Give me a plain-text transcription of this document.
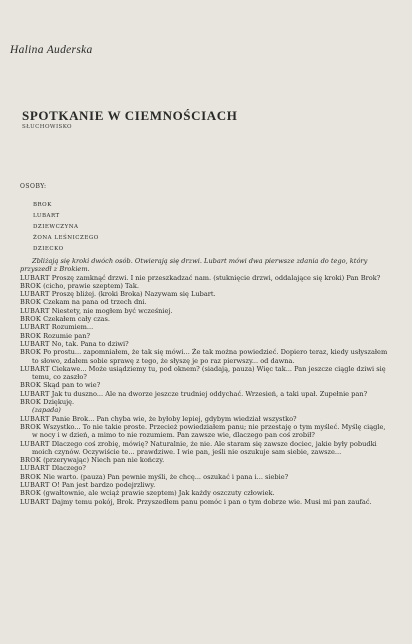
Halina Auderska
SPOTKANIE W CIEMNOŚCIACH
SŁUCHOWISKO
OSOBY:
BROK
LUBART
DZIEWCZYNA
ŻONA LEŚNICZEGO
DZIECKO

Zbliżają się kroki dwóch osób. Otwierają się drzwi. Lubart mówi dwa pierwsze zdania do tego, który przyszedł z Brokiem.

LUBART Proszę zamknąć drzwi. I nie przeszkadzać nam. (stuknięcie drzwi, oddalające się kroki) Pan Brok?

BROK (cicho, prawie szeptem) Tak.

LUBART Proszę bliżej. (kroki Broka) Nazywam się Lubart.

BROK Czekam na pana od trzech dni.

LUBART Niestety, nie mogłem być wcześniej.

BROK Czekałem cały czas.

LUBART Rozumiem...

BROK Rozumie pan?

LUBART No, tak. Pana to dziwi?

BROK Po prostu... zapomniałem, że tak się mówi... Że tak można powiedzieć. Dopiero teraz, kiedy usłyszałem to słowo, zdałem sobie sprawę z tego, że słyszę je po raz pierwszy... od dawna.

LUBART Ciekawe... Może usiądziemy tu, pod oknem? (siadają, pauza) Więc tak... Pan jeszcze ciągle dziwi się temu, co zaszło?

BROK Skąd pan to wie?

LUBART Jak tu duszno... Ale na dworze jeszcze trudniej oddychać. Wrzesień, a taki upał. Zupełnie pan?

BROK Dziękuję.

(zapada)

LUBART Panie Brok... Pan chyba wie, że byłoby lepiej, gdybym wiedział wszystko?

BROK Wszystko... To nie takie proste. Przecież powiedziałem panu; nie przestaję o tym myśleć. Myślę ciągle, w nocy i w dzień, a mimo to nie rozumiem. Pan zawsze wie, dlaczego pan coś zrobił?

LUBART Dlaczego coś zrobię, mówię? Naturalnie, że nie. Ale staram się zawsze dociec, jakie były pobudki moich czynów. Oczywiście te... prawdziwe. I wie pan, jeśli nie oszukuje sam siebie, zawsze...

BROK (przerywając) Niech pan nie kończy.

LUBART Dlaczego?

BROK Nie warto. (pauza) Pan pewnie myśli, że chcę... oszukać i pana i... siebie?

LUBART O! Pan jest bardzo podejrzliwy.

BROK (gwałtownie, ale wciąż prawie szeptem) Jak każdy oszczuty człowiek.

LUBART Dajmy temu pokój, Brok. Przyszedłem panu pomóc i pan o tym dobrze wie. Musi mi pan zaufać.
